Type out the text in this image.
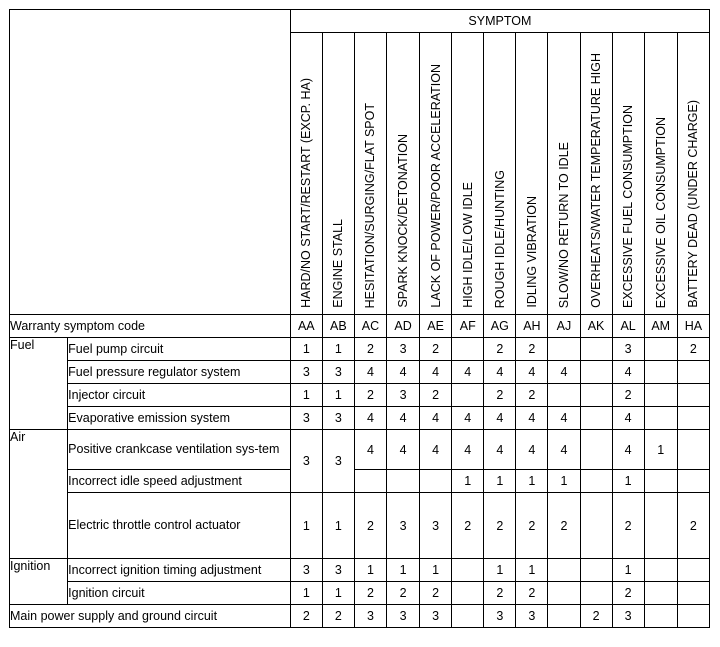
		SYMPTOM												

		HARD/NO START/RESTART (EXCP. HA)	ENGINE STALL	HESITATION/SURGING/FLAT SPOT	SPARK KNOCK/DETONATION	LACK OF POWER/POOR ACCELERATION	HIGH IDLE/LOW IDLE	ROUGH IDLE/HUNTING	IDLING VIBRATION	SLOW/NO RETURN TO IDLE	OVERHEATS/WATER TEMPERATURE HIGH	EXCESSIVE FUEL CONSUMPTION	EXCESSIVE OIL CONSUMPTION	BATTERY DEAD (UNDER CHARGE)

Warranty symptom code		AA	AB	AC	AD	AE	AF	AG	AH	AJ	AK	AL	AM	HA
Fuel	Fuel pump circuit	1	1	2	3	2		2	2			3		2
	Fuel pressure regulator system	3	3	4	4	4	4	4	4	4		4		
	Injector circuit	1	1	2	3	2		2	2			2		
	Evaporative emission system	3	3	4	4	4	4	4	4	4		4		
Air	Positive crankcase ventilation sys-tem	3	3	4	4	4	4	4	4	4		4	1	
	Incorrect idle speed adjustment						1	1	1	1		1		
	Electric throttle control actuator	1	1	2	3	3	2	2	2	2		2		2
Ignition	Incorrect ignition timing adjustment	3	3	1	1	1		1	1			1		
	Ignition circuit	1	1	2	2	2		2	2			2		
Main power supply and ground circuit		2	2	3	3	3		3	3		2	3		
